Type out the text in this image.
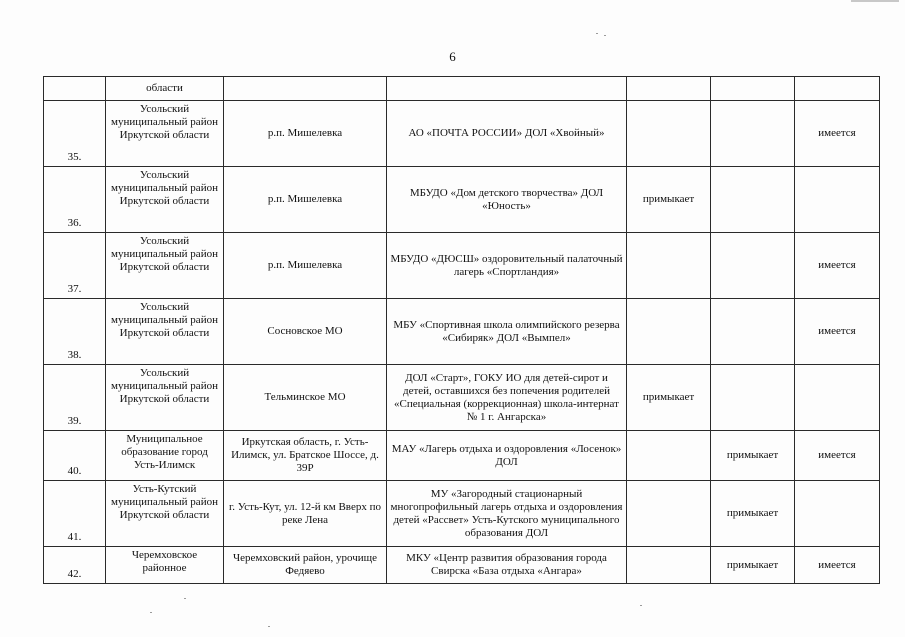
6
	области					
35.	Усольский муниципальный район Иркутской области	р.п. Мишелевка	АО «ПОЧТА РОССИИ» ДОЛ «Хвойный»			имеется
36.	Усольский муниципальный район Иркутской области	р.п. Мишелевка	МБУДО «Дом детского творчества» ДОЛ «Юность»	примыкает		
37.	Усольский муниципальный район Иркутской области	р.п. Мишелевка	МБУДО «ДЮСШ» оздоровительный палаточный лагерь «Спортландия»			имеется
38.	Усольский муниципальный район Иркутской области	Сосновское МО	МБУ «Спортивная школа олимпийского резерва «Сибиряк» ДОЛ «Вымпел»			имеется
39.	Усольский муниципальный район Иркутской области	Тельминское МО	ДОЛ «Старт», ГОКУ ИО для детей-сирот и детей, оставшихся без попечения родителей «Специальная (коррекционная) школа-интернат № 1 г. Ангарска»	примыкает		
40.	Муниципальное образование город Усть-Илимск	Иркутская область, г. Усть-Илимск, ул. Братское Шоссе, д. 39Р	МАУ «Лагерь отдыха и оздоровления «Лосенок» ДОЛ		примыкает	имеется
41.	Усть-Кутский муниципальный район Иркутской области	г. Усть-Кут, ул. 12-й км Вверх по реке Лена	МУ «Загородный стационарный многопрофильный лагерь отдыха и оздоровления детей «Рассвет» Усть-Кутского муниципального образования ДОЛ		примыкает	
42.	Черемховское районное	Черемховский район, урочище Федяево	МКУ «Центр развития образования города Свирска «База отдыха «Ангара»		примыкает	имеется
